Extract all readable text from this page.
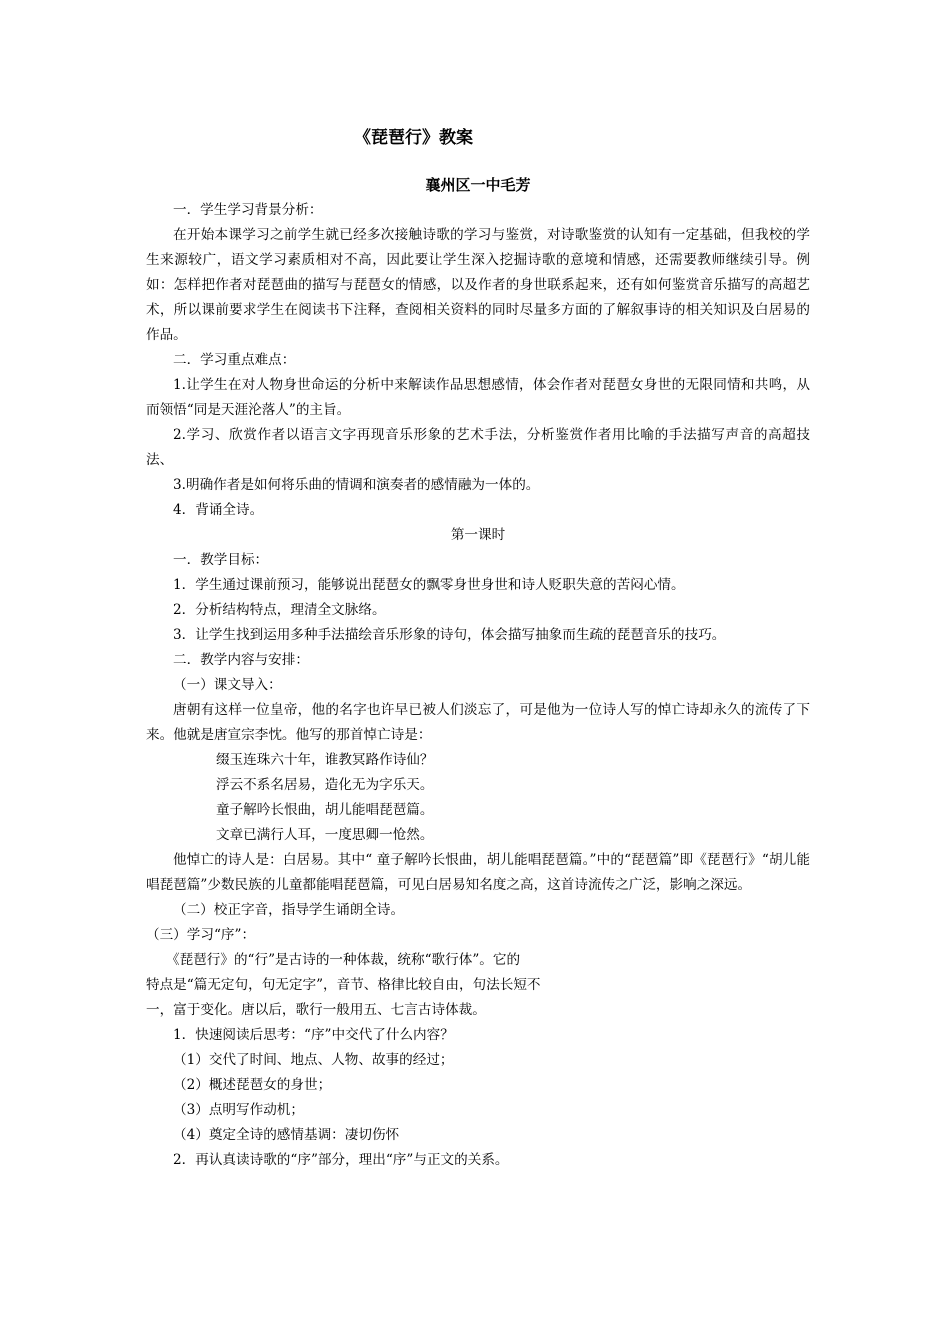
《琵琶行》教案
襄州区一中毛芳

一．学生学习背景分析：

在开始本课学习之前学生就已经多次接触诗歌的学习与鉴赏，对诗歌鉴赏的认知有一定基础，但我校的学生来源较广，语文学习素质相对不高，因此要让学生深入挖掘诗歌的意境和情感，还需要教师继续引导。例如：怎样把作者对琵琶曲的描写与琵琶女的情感，以及作者的身世联系起来，还有如何鉴赏音乐描写的高超艺术，所以课前要求学生在阅读书下注释，查阅相关资料的同时尽量多方面的了解叙事诗的相关知识及白居易的作品。

二．学习重点难点：

1.让学生在对人物身世命运的分析中来解读作品思想感情，体会作者对琵琶女身世的无限同情和共鸣，从而领悟“同是天涯沦落人”的主旨。

2.学习、欣赏作者以语言文字再现音乐形象的艺术手法，分析鉴赏作者用比喻的手法描写声音的高超技法、

3.明确作者是如何将乐曲的情调和演奏者的感情融为一体的。

4．背诵全诗。

第一课时

一．教学目标：

1．学生通过课前预习，能够说出琵琶女的飘零身世身世和诗人贬职失意的苦闷心情。

2．分析结构特点，理清全文脉络。

3．让学生找到运用多种手法描绘音乐形象的诗句，体会描写抽象而生疏的琵琶音乐的技巧。

二．教学内容与安排：

（一）课文导入：

唐朝有这样一位皇帝，他的名字也许早已被人们淡忘了，可是他为一位诗人写的悼亡诗却永久的流传了下来。他就是唐宣宗李忱。他写的那首悼亡诗是：

缀玉连珠六十年，谁教冥路作诗仙？

浮云不系名居易，造化无为字乐天。

童子解吟长恨曲，胡儿能唱琵琶篇。

文章已满行人耳，一度思卿一怆然。

他悼亡的诗人是：白居易。其中“ 童子解吟长恨曲，胡儿能唱琵琶篇。”中的“琵琶篇”即《琵琶行》“胡儿能唱琵琶篇”少数民族的儿童都能唱琵琶篇，可见白居易知名度之高，这首诗流传之广泛，影响之深远。

（二）校正字音，指导学生诵朗全诗。

（三）学习“序”：

《琵琶行》的“行”是古诗的一种体裁，统称“歌行体”。它的

特点是“篇无定句，句无定字”，音节、格律比较自由，句法长短不

一，富于变化。唐以后，歌行一般用五、七言古诗体裁。

1．快速阅读后思考：“序”中交代了什么内容？

（1）交代了时间、地点、人物、故事的经过；

（2）概述琵琶女的身世；

（3）点明写作动机；

（4）奠定全诗的感情基调：凄切伤怀

2．再认真读诗歌的“序”部分，理出“序”与正文的关系。
